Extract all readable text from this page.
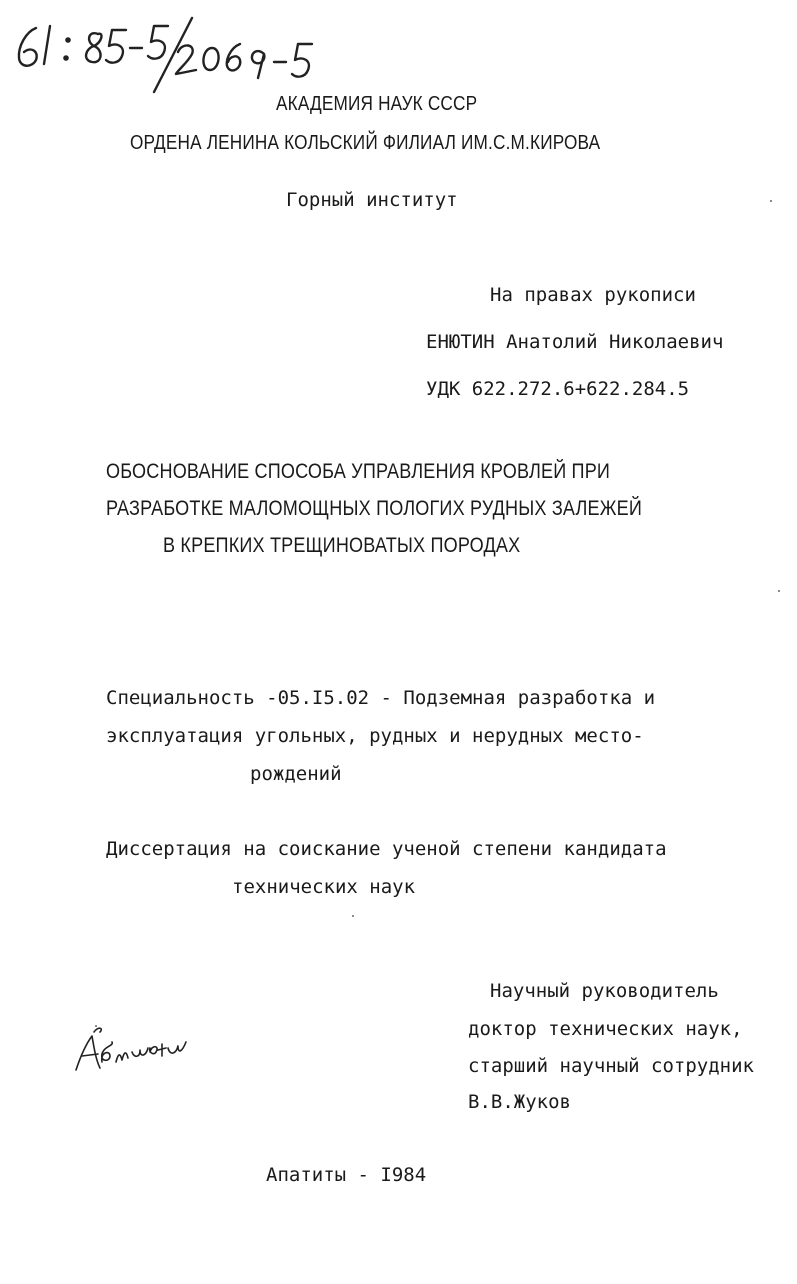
АКАДЕМИЯ НАУК СССР
ОРДЕНА ЛЕНИНА КОЛЬСКИЙ ФИЛИАЛ ИМ.С.М.КИРОВА
Горный институт
На правах рукописи
ЕНЮТИН Анатолий Николаевич
УДК 622.272.6+622.284.5
ОБОСНОВАНИЕ СПОСОБА УПРАВЛЕНИЯ КРОВЛЕЙ ПРИ
РАЗРАБОТКЕ МАЛОМОЩНЫХ ПОЛОГИХ РУДНЫХ ЗАЛЕЖЕЙ
В КРЕПКИХ ТРЕЩИНОВАТЫХ ПОРОДАХ
Специальность -05.I5.02 - Подземная разработка и
эксплуатация угольных, рудных и нерудных место-
рождений
Диссертация на соискание ученой степени кандидата
технических наук
Научный руководитель
доктор технических наук,
старший научный сотрудник
В.В.Жуков
Апатиты - I984
